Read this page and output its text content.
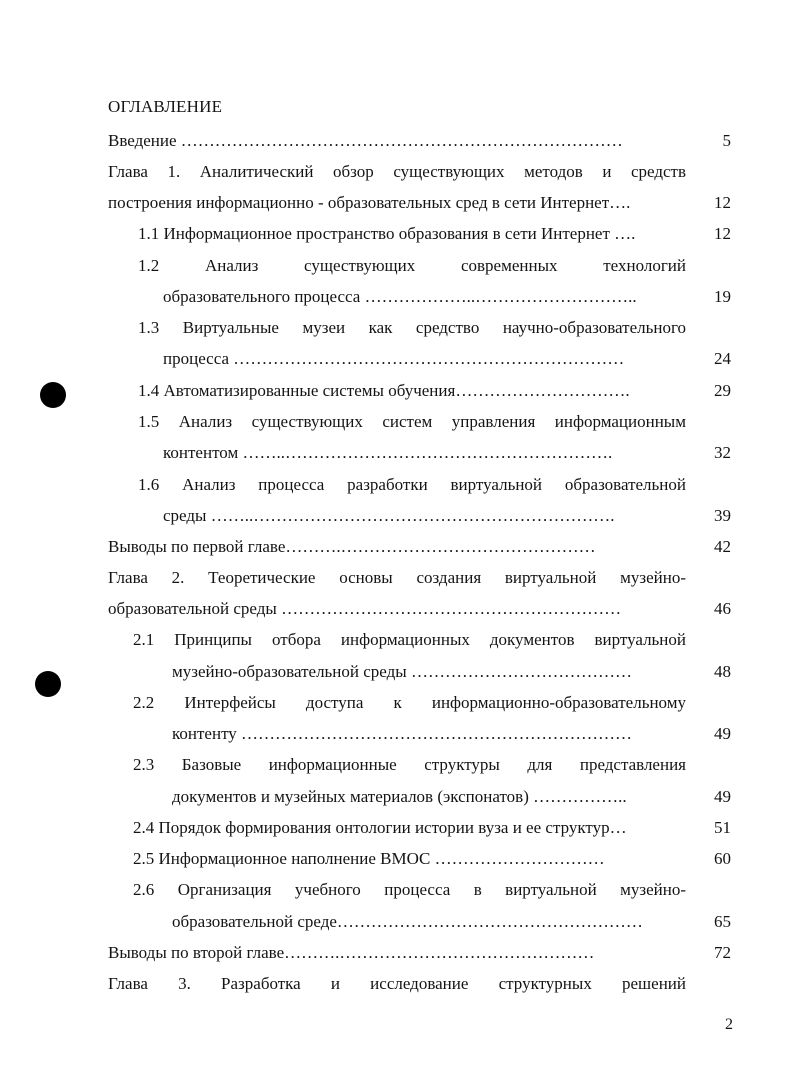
ОГЛАВЛЕНИЕ
Введение ……………………………………………………………………	5
Глава 1. Аналитический обзор существующих методов и средств
построения информационно - образовательных сред в сети Интернет….	12
1.1 Информационное пространство образования в сети Интернет ….	12
1.2 Анализ существующих современных технологий
образовательного процесса ………………..………………………..	19
1.3 Виртуальные музеи как средство научно-образовательного
процесса ……………………………………………………………	24
1.4 Автоматизированные системы обучения………………………….	29
1.5 Анализ существующих систем управления информационным
контентом ……..………………………………………………….	32
1.6 Анализ процесса разработки виртуальной образовательной
среды ……..……………………………………………………….	39
Выводы по первой главе……….………………………………………	42
Глава 2. Теоретические основы создания виртуальной музейно-
образовательной среды ……………………………………………………	46
2.1 Принципы отбора информационных документов виртуальной
музейно-образовательной среды …………………………………	48
2.2 Интерфейсы доступа к информационно-образовательному
контенту ……………………………………………………………	49
2.3 Базовые информационные структуры для представления
документов и музейных материалов (экспонатов) ……………..	49
2.4 Порядок формирования онтологии истории вуза и ее структур…	51
2.5 Информационное наполнение ВМОС …………………………	60
2.6 Организация учебного процесса в виртуальной музейно-
образовательной среде………………………………………………	65
Выводы по второй главе……….………………………………………	72
Глава 3. Разработка и исследование структурных решений
2
